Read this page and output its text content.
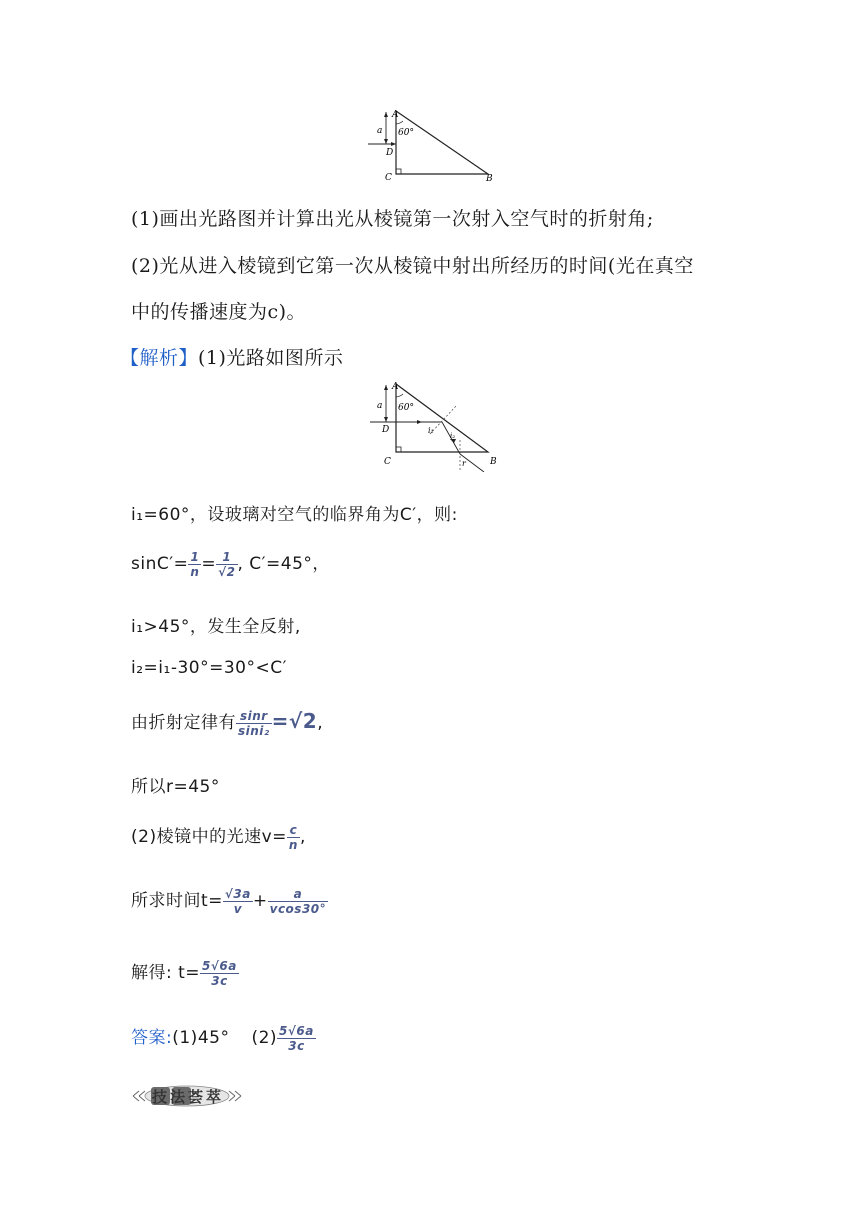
A
a 60°
D
C	B
(1)画出光路图并计算出光从棱镜第一次射入空气时的折射角;
(2)光从进入棱镜到它第一次从棱镜中射出所经历的时间(光在真空
中的传播速度为c)。
【解析】(1)光路如图所示
A
a 60°
D	i₁
i₂
r
C	B
i₁=60°，设玻璃对空气的临界角为C′，则:
$\sin C'= \frac{1}{n} = \frac{1}{√2}$ , C′=45°，
i₁>45°，发生全反射,
i₂=i₁-30°=30°<C′
由折射定律有 $\frac{\sin r}{\text{sini₂}} =√2$,
所以r=45°
(2)棱镜中的光速$v= \frac{c}{n}$ ,
所求时间$t= \frac{√3a}{v} + \frac{a}{vcos30^\circ}$
解得: $t= \frac{5√6a}{3c}$
答案:(1)45° $(2) \frac{5√6a}{3c}$
技法荟萃
